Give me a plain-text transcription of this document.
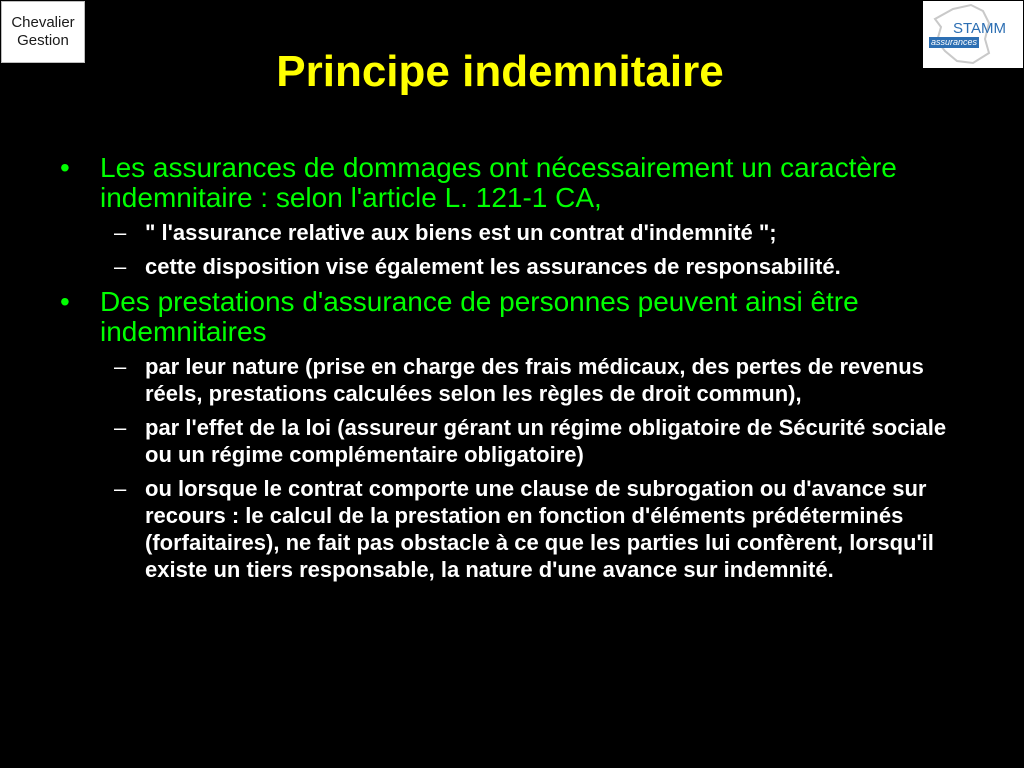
Chevalier
Gestion
STAMM
assurances
Principe indemnitaire
• Les assurances de dommages ont nécessairement un caractère indemnitaire : selon l'article L. 121-1 CA,
– " l'assurance relative aux biens est un contrat d'indemnité ";
– cette disposition vise également les assurances de responsabilité.
• Des prestations d'assurance de personnes peuvent ainsi être indemnitaires
– par leur nature (prise en charge des frais médicaux, des pertes de revenus réels, prestations calculées selon les règles de droit commun),
– par l'effet de la loi (assureur gérant un régime obligatoire de Sécurité sociale ou un régime complémentaire obligatoire)
– ou lorsque le contrat comporte une clause de subrogation ou d'avance sur recours : le calcul de la prestation en fonction d'éléments prédéterminés (forfaitaires), ne fait pas obstacle à ce que les parties lui confèrent, lorsqu'il existe un tiers responsable, la nature d'une avance sur indemnité.
